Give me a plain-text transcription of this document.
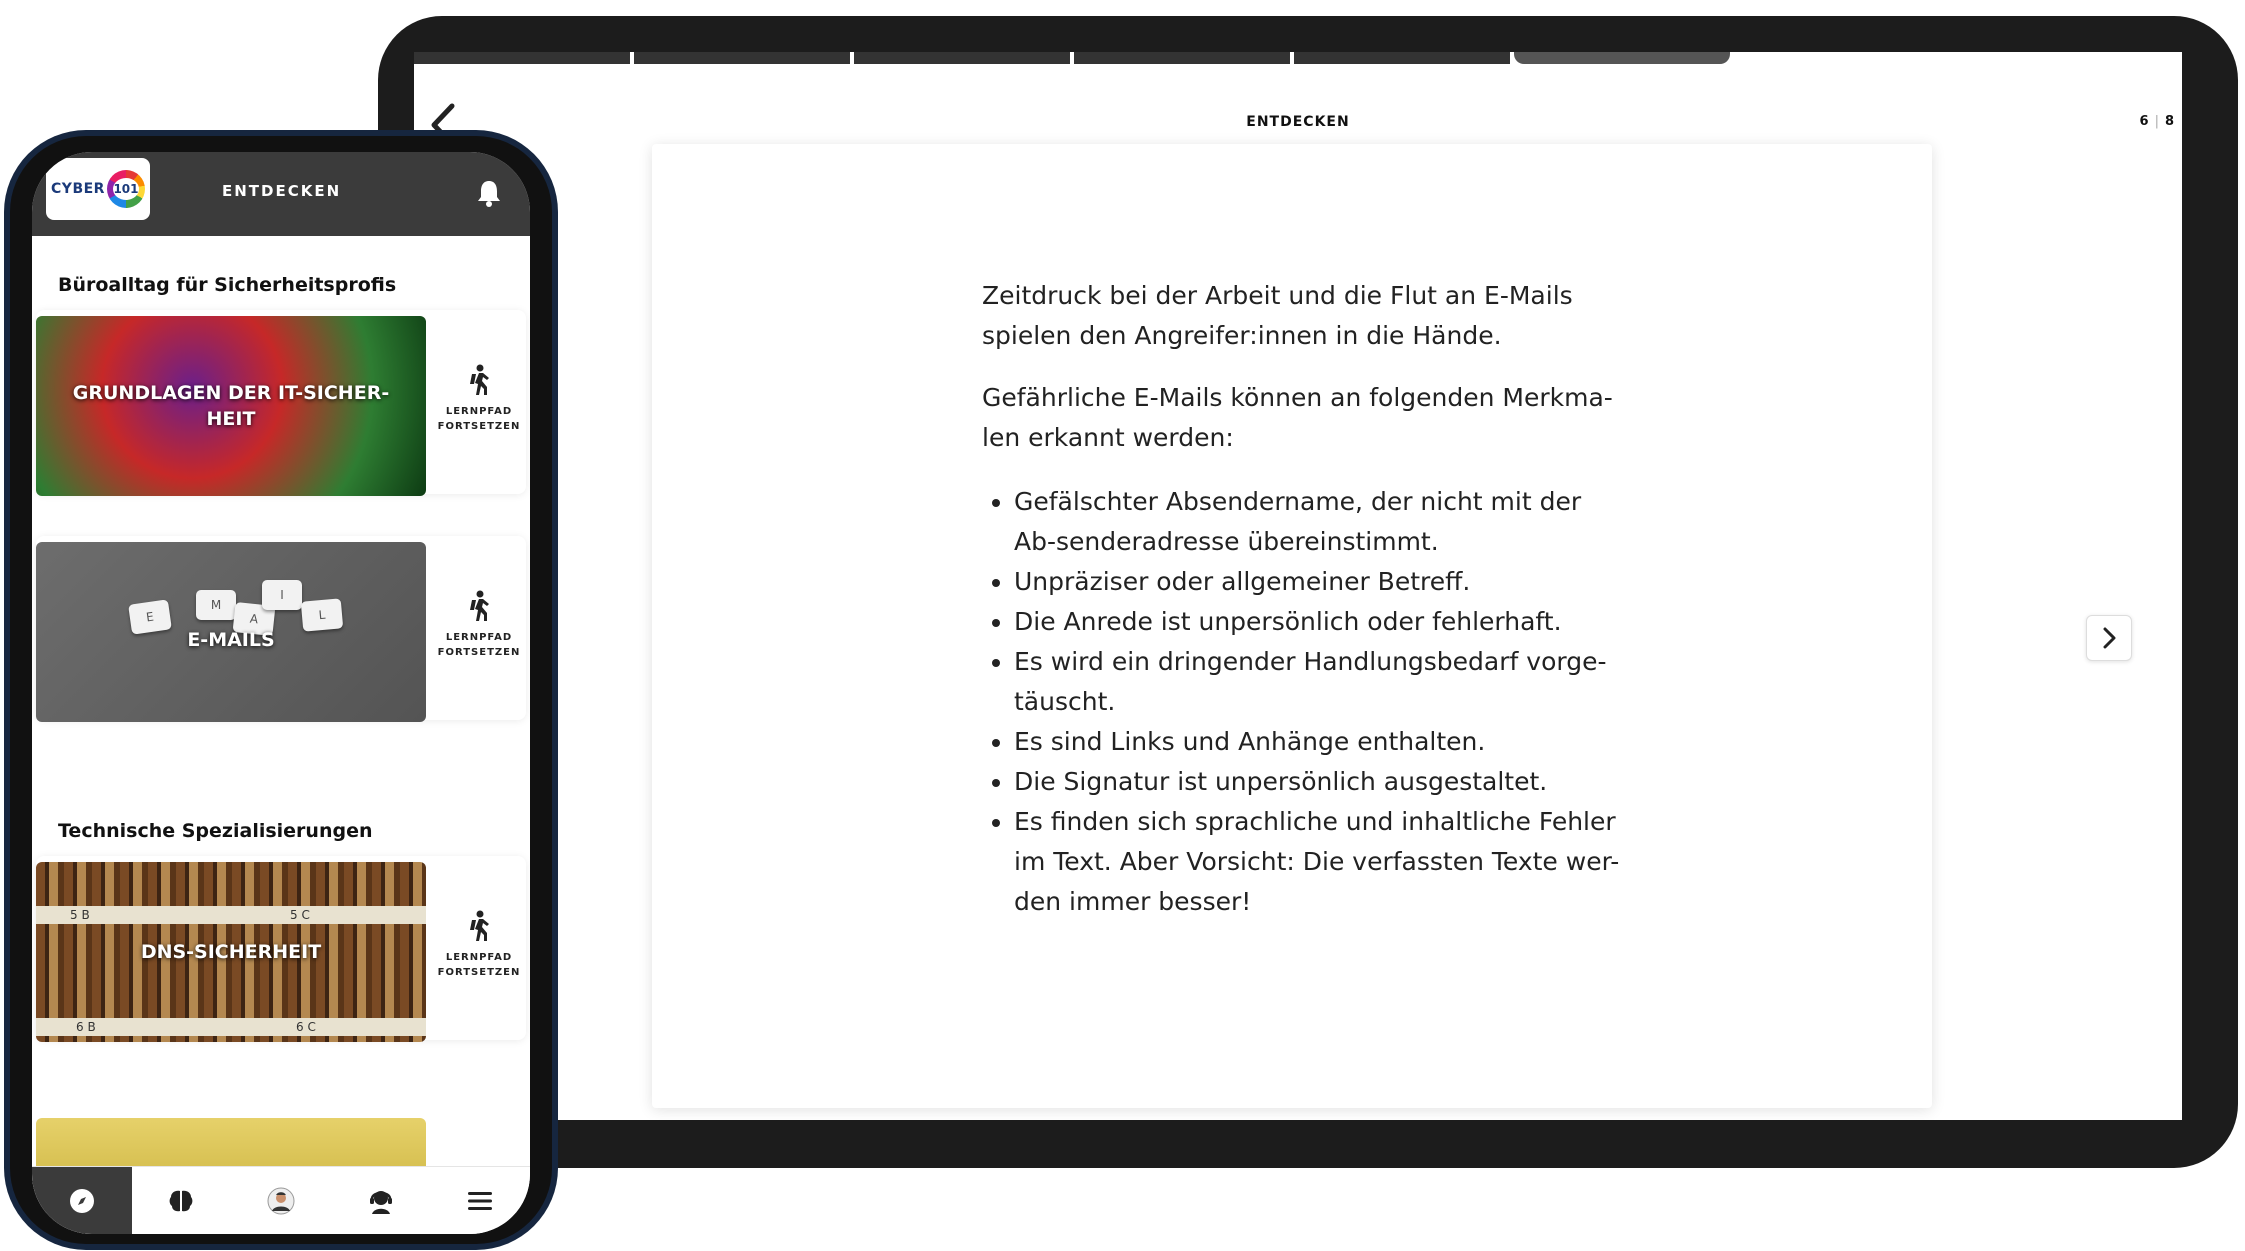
ENTDECKEN	6 | 8

Zeitdruck bei der Arbeit und die Flut an E-Mails spielen den Angreifer:innen in die Hände.

Gefährliche E-Mails können an folgenden Merkma-len erkannt werden:

• Gefälschter Absendername, der nicht mit der Ab-senderadresse übereinstimmt.
• Unpräziser oder allgemeiner Betreff.
• Die Anrede ist unpersönlich oder fehlerhaft.
• Es wird ein dringender Handlungsbedarf vorge-täuscht.
• Es sind Links und Anhänge enthalten.
• Die Signatur ist unpersönlich ausgestaltet.
• Es finden sich sprachliche und inhaltliche Fehler im Text. Aber Vorsicht: Die verfassten Texte wer-den immer besser!
CYBER 101	ENTDECKEN
Büroalltag für Sicherheitsprofis
GRUNDLAGEN DER IT-SICHER-HEIT	LERNPFAD
FORTSETZEN
E
M
A
I
L
E-MAILS	LERNPFAD
FORTSETZEN
Technische Spezialisierungen
5 B	5 C
6 B	6 C
DNS-SICHERHEIT	LERNPFAD
FORTSETZEN
